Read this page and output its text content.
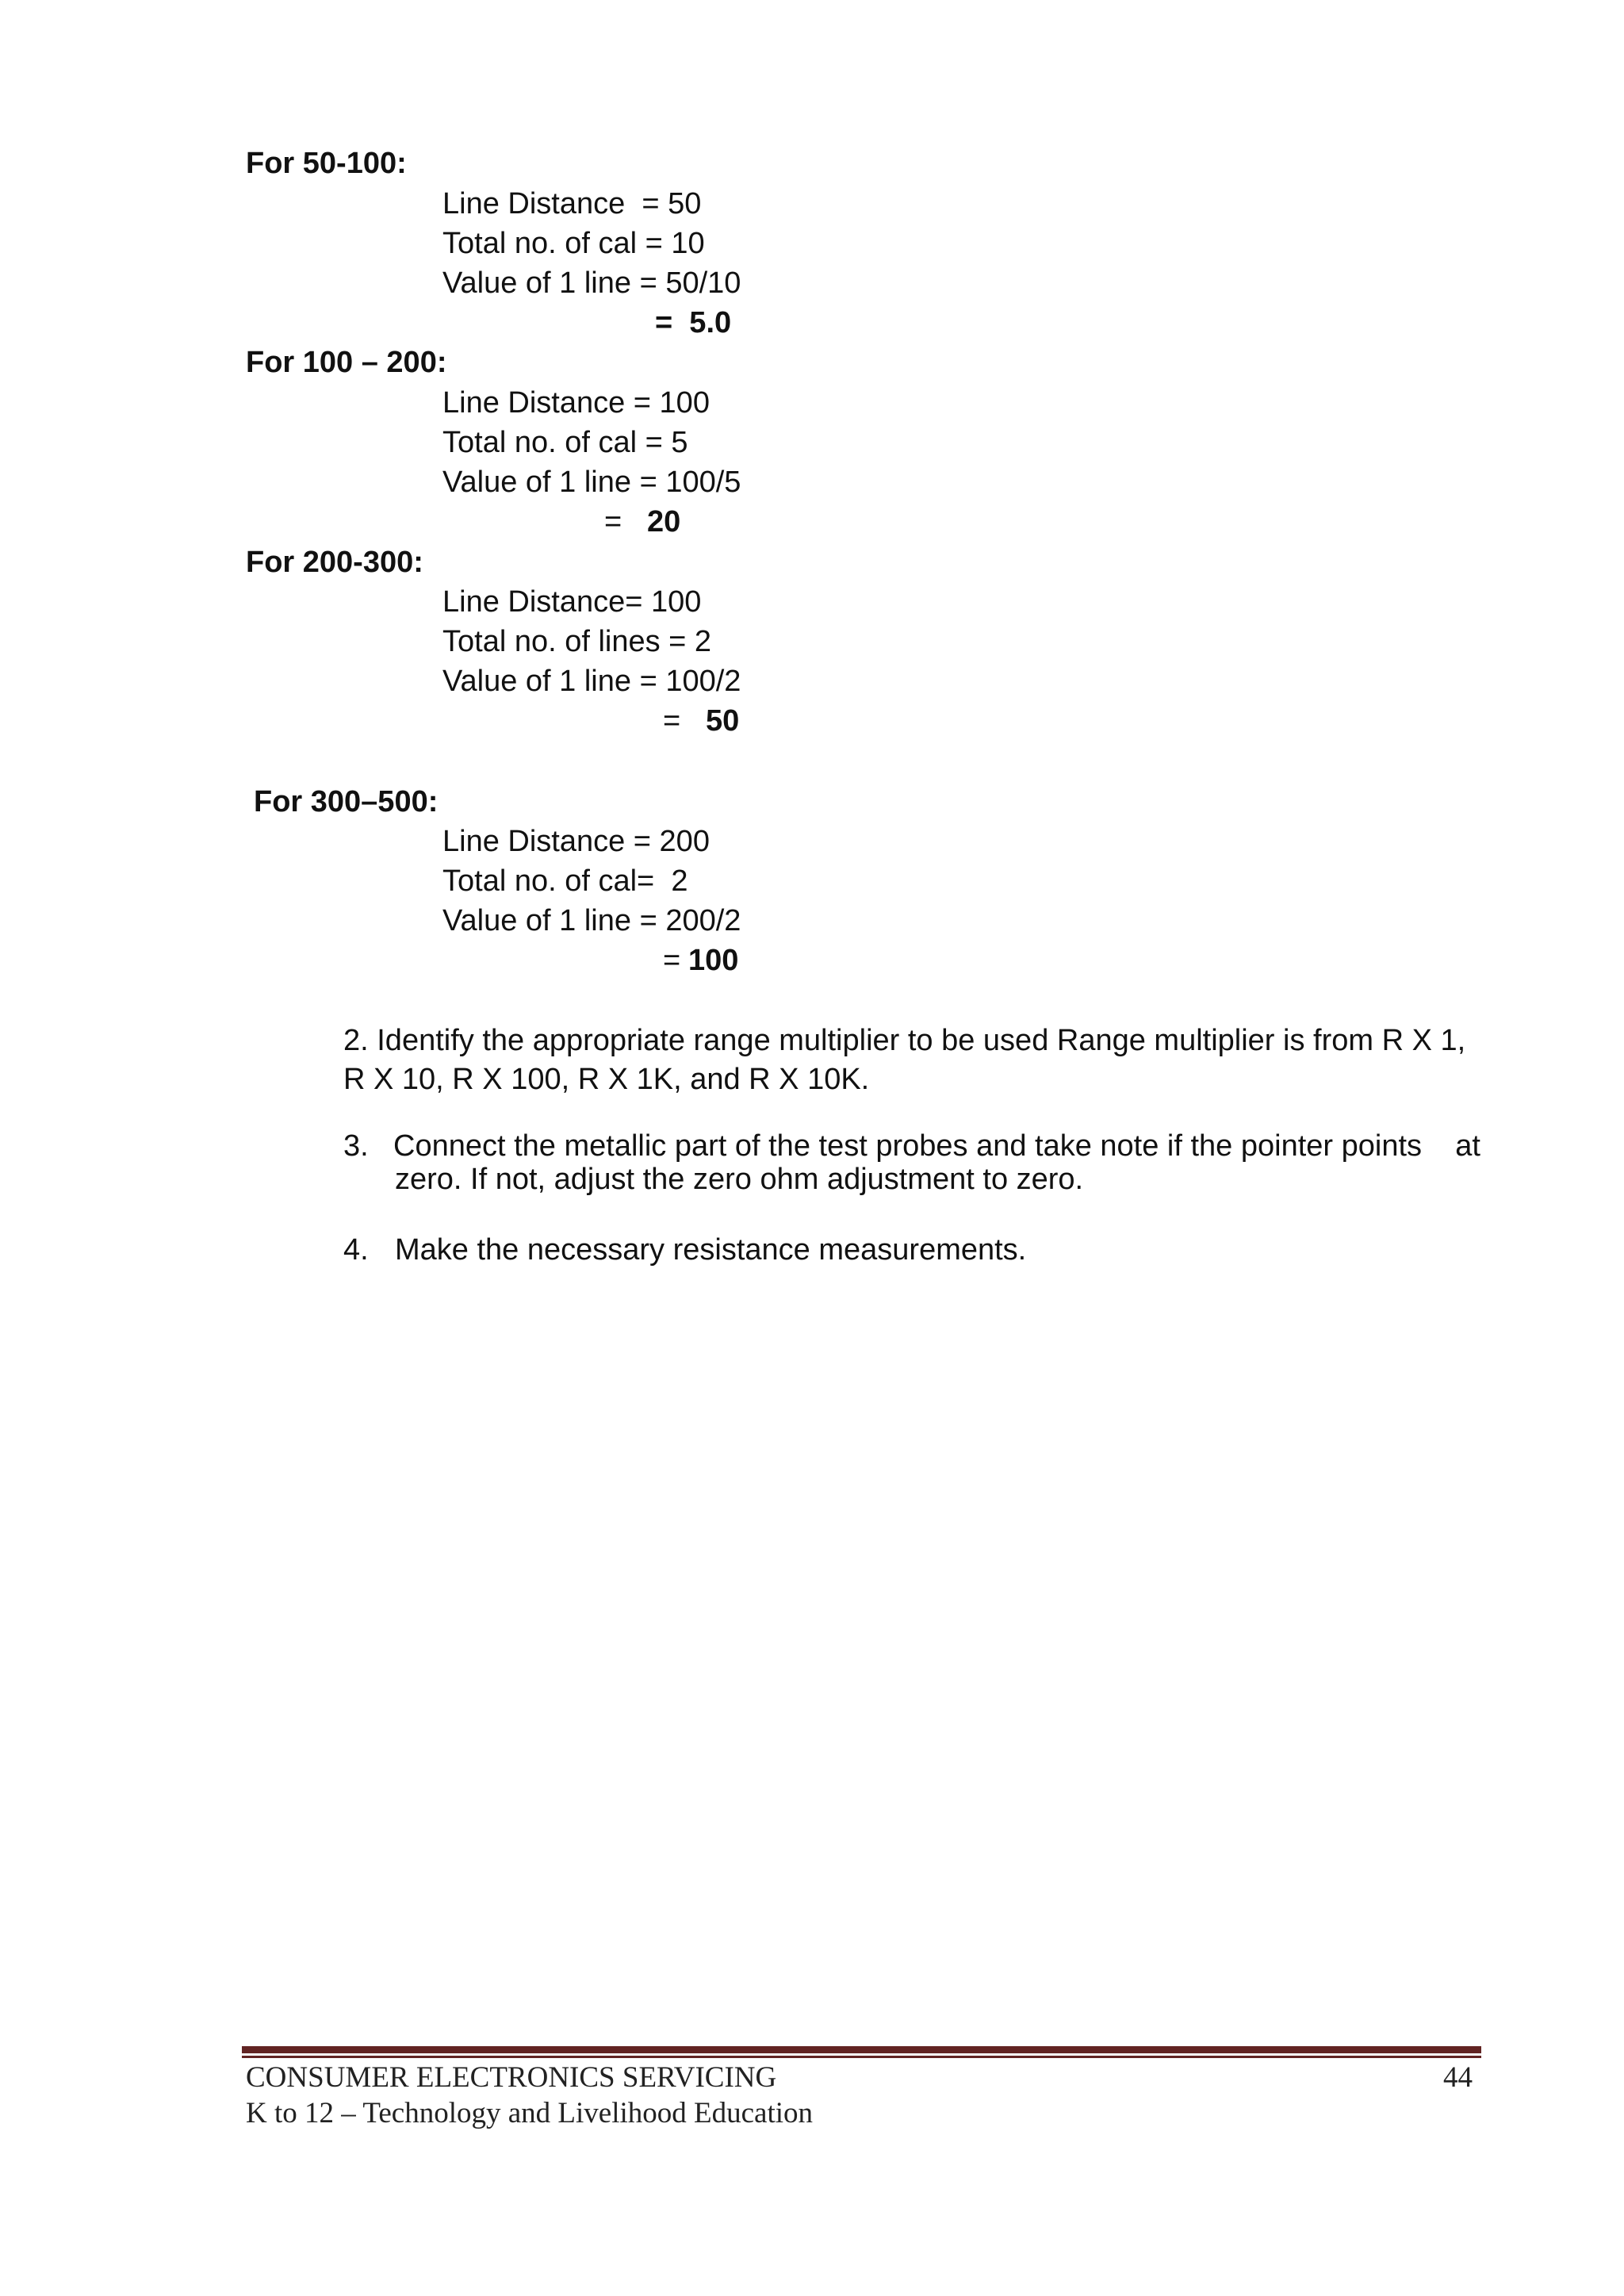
For 50-100:

Line Distance  = 50

Total no. of cal = 10

Value of 1 line = 50/10

=  5.0

For 100 – 200:

Line Distance = 100

Total no. of cal = 5

Value of 1 line = 100/5

= 20

For 200-300:

Line Distance= 100

Total no. of lines = 2

Value of 1 line = 100/2

= 50

For 300–500:

Line Distance = 200

Total no. of cal=  2

Value of 1 line = 200/2

= 100

2. Identify the appropriate range multiplier to be used Range multiplier is from R X 1,

R X 10, R X 100, R X 1K, and R X 10K.

3. Connect the metallic part of the test probes and take note if the pointer points    at

zero. If not, adjust the zero ohm adjustment to zero.

4. Make the necessary resistance measurements.

CONSUMER ELECTRONICS SERVICING

K to 12 – Technology and Livelihood Education

44
